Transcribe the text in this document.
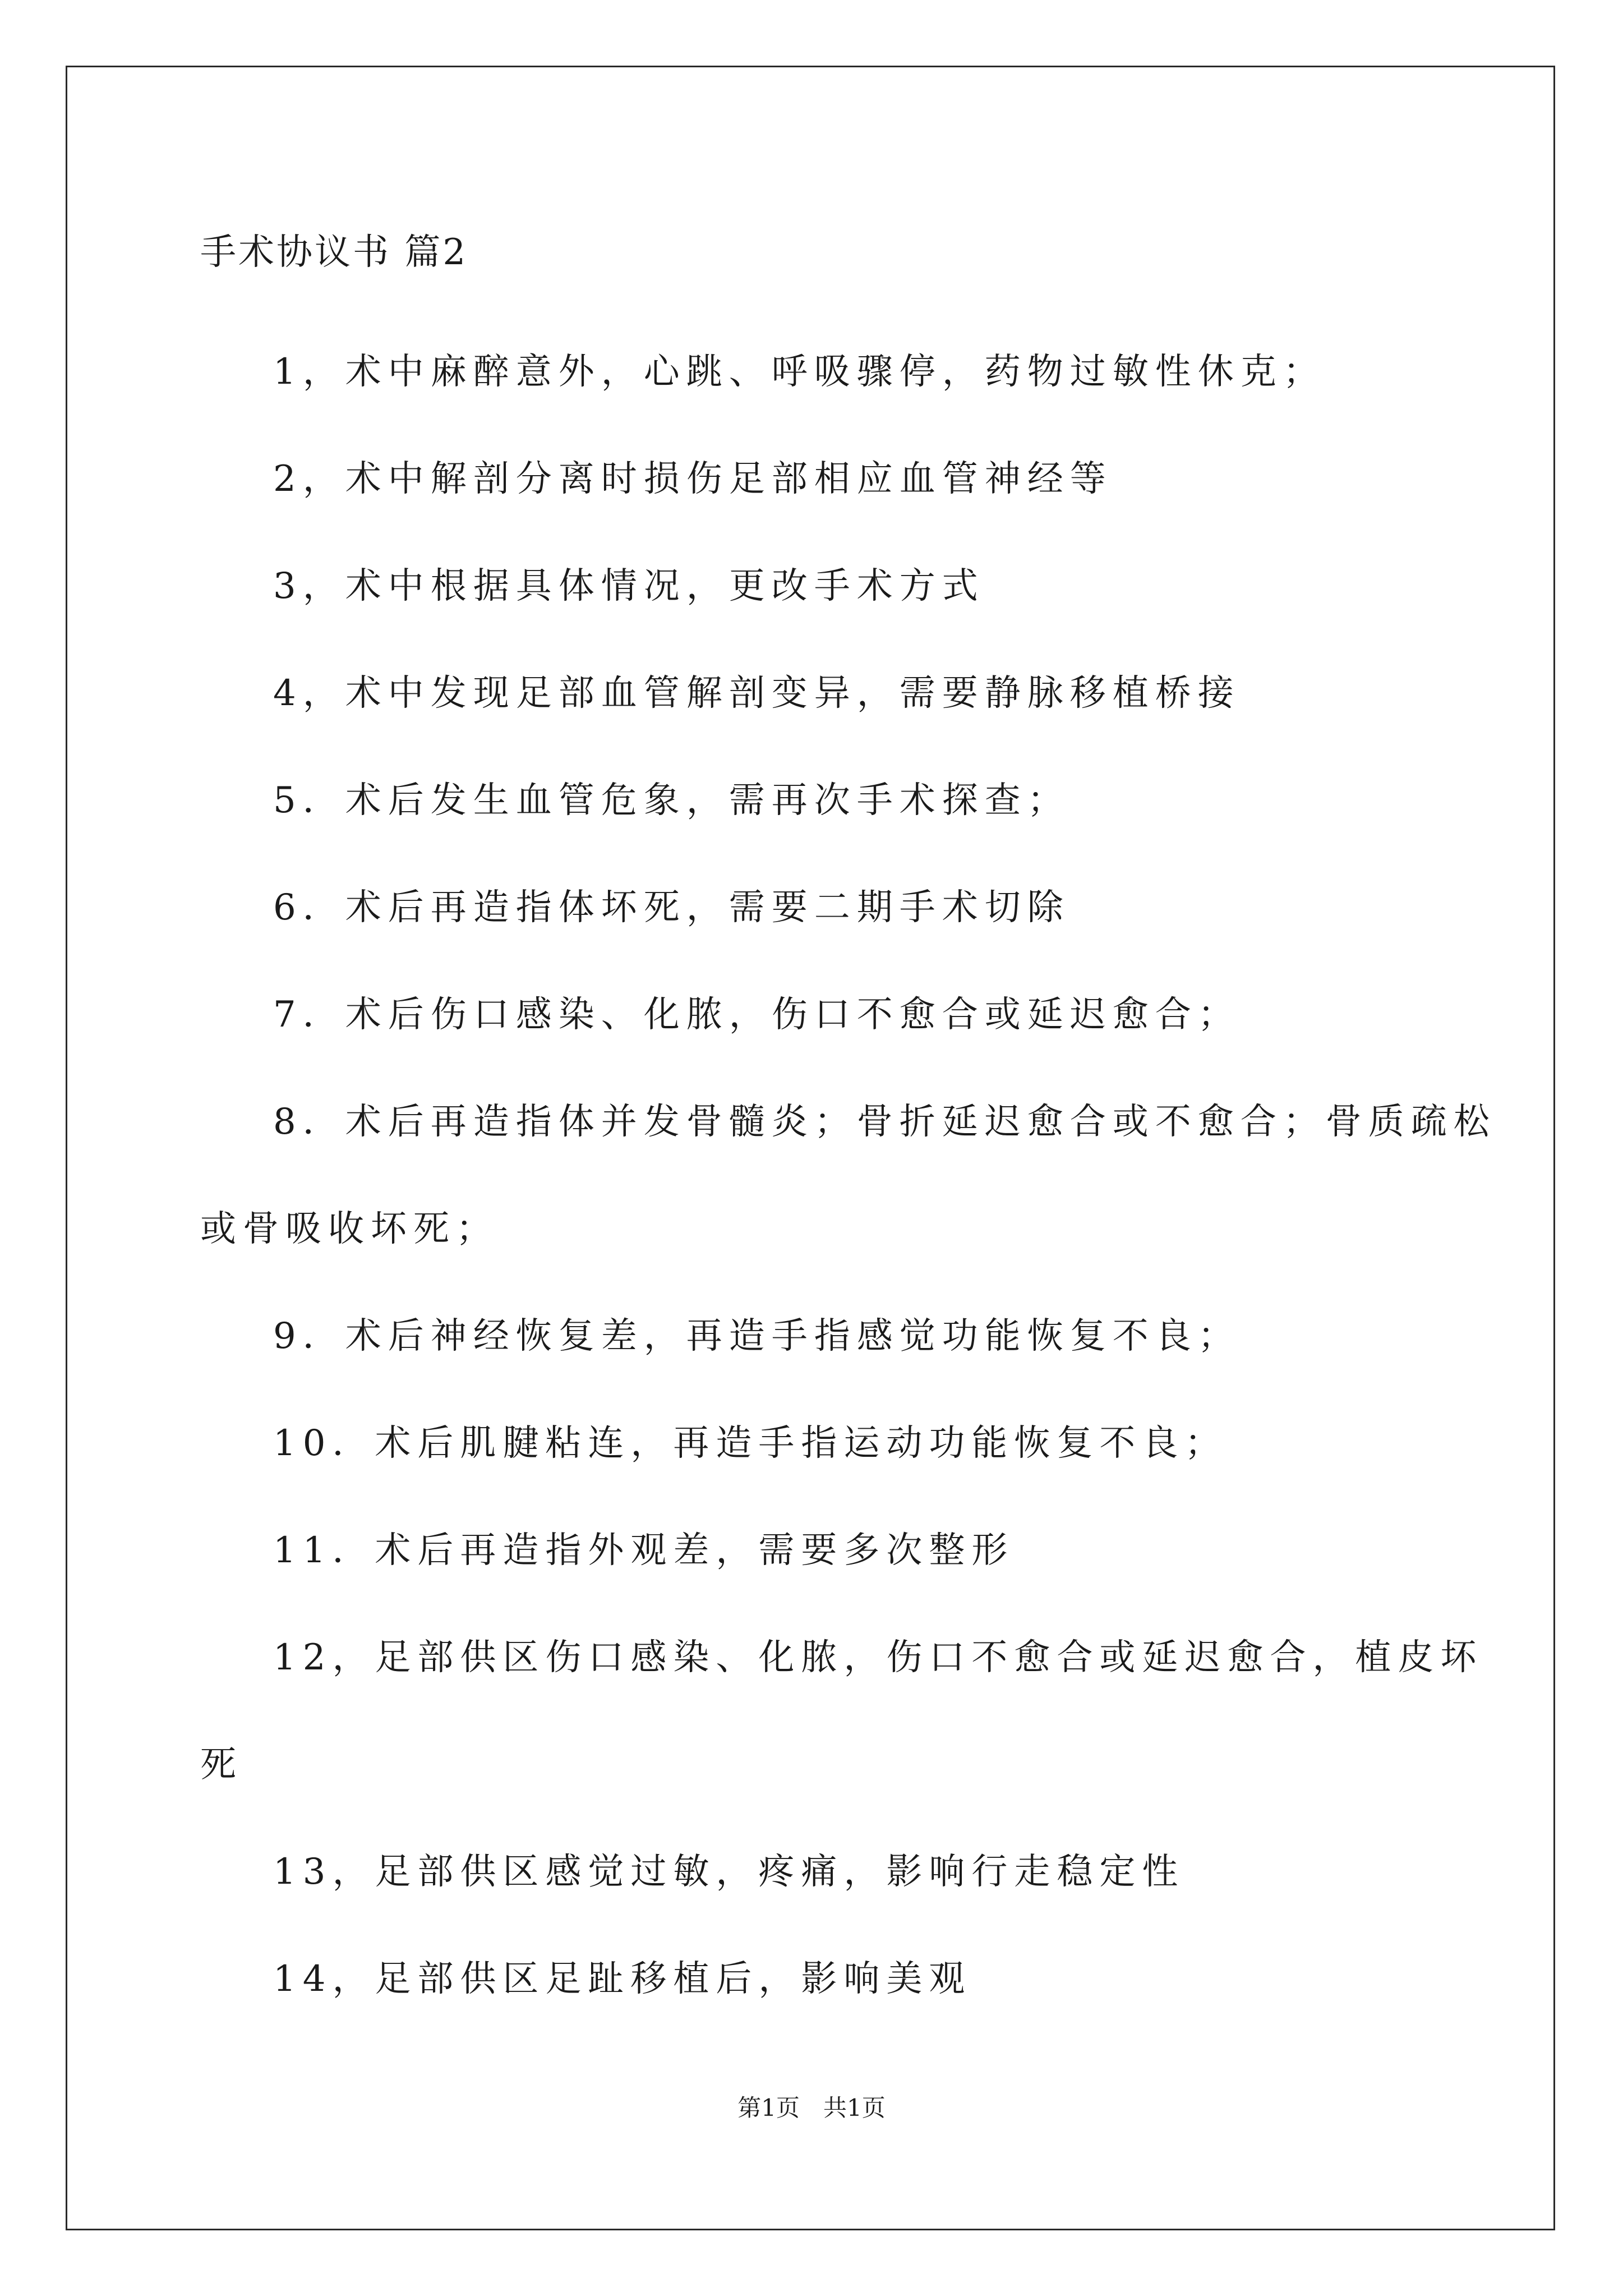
手术协议书 篇2
1，术中麻醉意外，心跳、呼吸骤停，药物过敏性休克；
2，术中解剖分离时损伤足部相应血管神经等
3，术中根据具体情况，更改手术方式
4，术中发现足部血管解剖变异，需要静脉移植桥接
5．术后发生血管危象，需再次手术探查；
6．术后再造指体坏死，需要二期手术切除
7．术后伤口感染、化脓，伤口不愈合或延迟愈合；
8．术后再造指体并发骨髓炎；骨折延迟愈合或不愈合；骨质疏松
或骨吸收坏死；
9．术后神经恢复差，再造手指感觉功能恢复不良；
10．术后肌腱粘连，再造手指运动功能恢复不良；
11．术后再造指外观差，需要多次整形
12，足部供区伤口感染、化脓，伤口不愈合或延迟愈合，植皮坏
死
13，足部供区感觉过敏，疼痛，影响行走稳定性
14，足部供区足趾移植后，影响美观
第1页 共1页
